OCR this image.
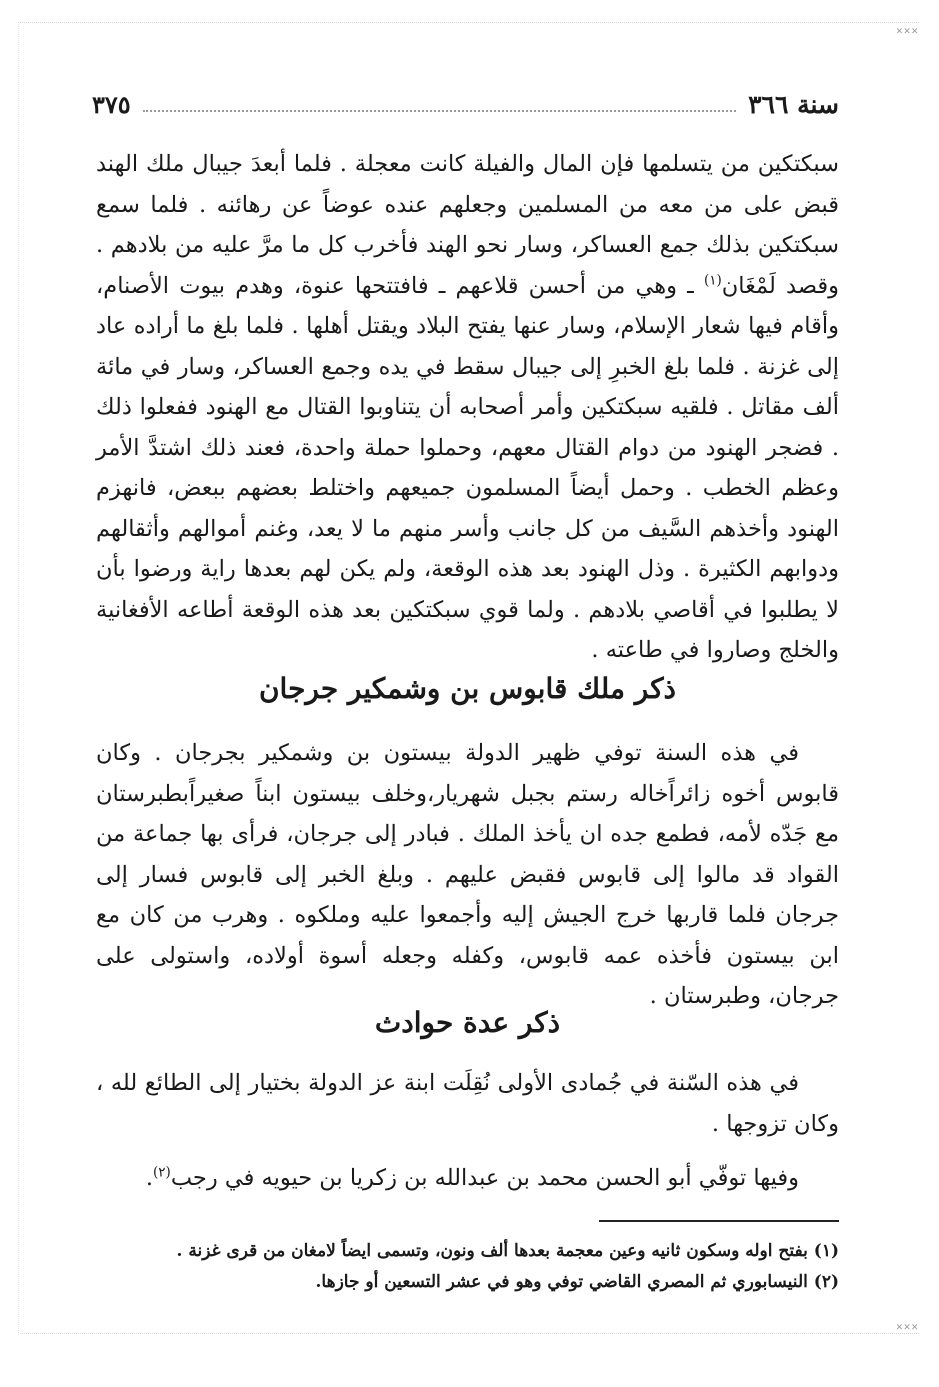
✕✕✕
✕✕✕
سنة ٣٦٦
٣٧٥
سبكتكين من يتسلمها فإن المال والفيلة كانت معجلة . فلما أبعدَ جيبال ملك الهند قبض على من معه من المسلمين وجعلهم عنده عوضاً عن رهائنه . فلما سمع سبكتكين بذلك جمع العساكر، وسار نحو الهند فأخرب كل ما مرَّ عليه من بلادهم . وقصد لَمْغَان$^{(١)}$ ـ وهي من أحسن قلاعهم ـ فافتتحها عنوة، وهدم بيوت الأصنام، وأقام فيها شعار الإسلام، وسار عنها يفتح البلاد ويقتل أهلها . فلما بلغ ما أراده عاد إلى غزنة . فلما بلغ الخبرِ إلى جيبال سقط في يده وجمع العساكر، وسار في مائة ألف مقاتل . فلقيه سبكتكين وأمر أصحابه أن يتناوبوا القتال مع الهنود ففعلوا ذلك . فضجر الهنود من دوام القتال معهم، وحملوا حملة واحدة، فعند ذلك اشتدَّ الأمر وعظم الخطب . وحمل أيضاً المسلمون جميعهم واختلط بعضهم ببعض، فانهزم الهنود وأخذهم السَّيف من كل جانب وأسر منهم ما لا يعد، وغنم أموالهم وأثقالهم ودوابهم الكثيرة . وذل الهنود بعد هذه الوقعة، ولم يكن لهم بعدها راية ورضوا بأن لا يطلبوا في أقاصي بلادهم . ولما قوي سبكتكين بعد هذه الوقعة أطاعه الأفغانية والخلج وصاروا في طاعته .
ذكر ملك قابوس بن وشمكير جرجان
في هذه السنة توفي ظهير الدولة بيستون بن وشمكير بجرجان . وكان قابوس أخوه زائراًخاله رستم بجبل شهريار،وخلف بيستون ابناً صغيراًبطبرستان مع جَدّه لأمه، فطمع جده ان يأخذ الملك . فبادر إلى جرجان، فرأى بها جماعة من القواد قد مالوا إلى قابوس فقبض عليهم . وبلغ الخبر إلى قابوس فسار إلى جرجان فلما قاربها خرج الجيش إليه وأجمعوا عليه وملكوه . وهرب من كان مع ابن بيستون فأخذه عمه قابوس، وكفله وجعله أسوة أولاده، واستولى على جرجان، وطبرستان .
ذكر عدة حوادث
في هذه السّنة في جُمادى الأولى نُقِلَت ابنة عز الدولة بختيار إلى الطائع لله ، وكان تزوجها .
وفيها توفّي أبو الحسن محمد بن عبدالله بن زكريا بن حيويه في رجب$^{(٢)}$.
(١) بفتح اوله وسكون ثانيه وعين معجمة بعدها ألف ونون، وتسمى ايضاً لامغان من قرى غزنة .
(٢) النيسابوري ثم المصري القاضي توفي وهو في عشر التسعين أو جازها.
